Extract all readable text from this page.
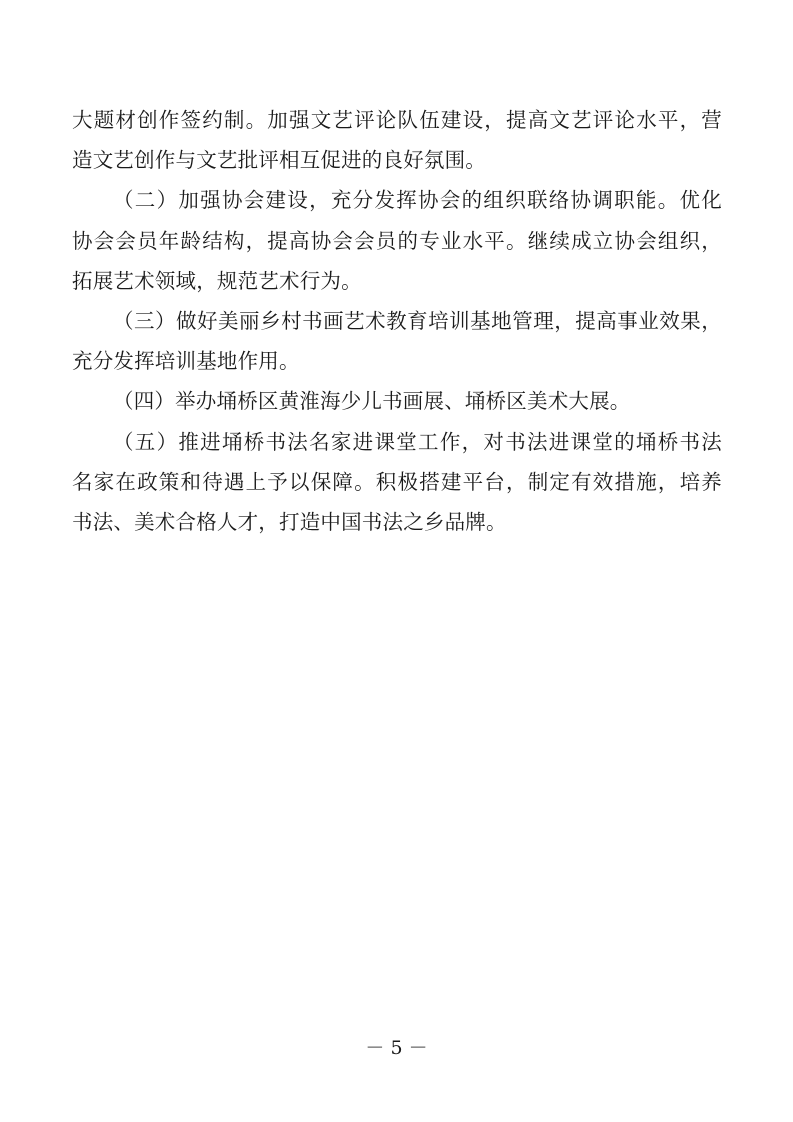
大题材创作签约制。加强文艺评论队伍建设，提高文艺评论水平，营
造文艺创作与文艺批评相互促进的良好氛围。
（二）加强协会建设，充分发挥协会的组织联络协调职能。优化
协会会员年龄结构，提高协会会员的专业水平。继续成立协会组织，
拓展艺术领域，规范艺术行为。
（三）做好美丽乡村书画艺术教育培训基地管理，提高事业效果，
充分发挥培训基地作用。
（四）举办埇桥区黄淮海少儿书画展、埇桥区美术大展。
（五）推进埇桥书法名家进课堂工作，对书法进课堂的埇桥书法
名家在政策和待遇上予以保障。积极搭建平台，制定有效措施，培养
书法、美术合格人才，打造中国书法之乡品牌。
－ 5 －
